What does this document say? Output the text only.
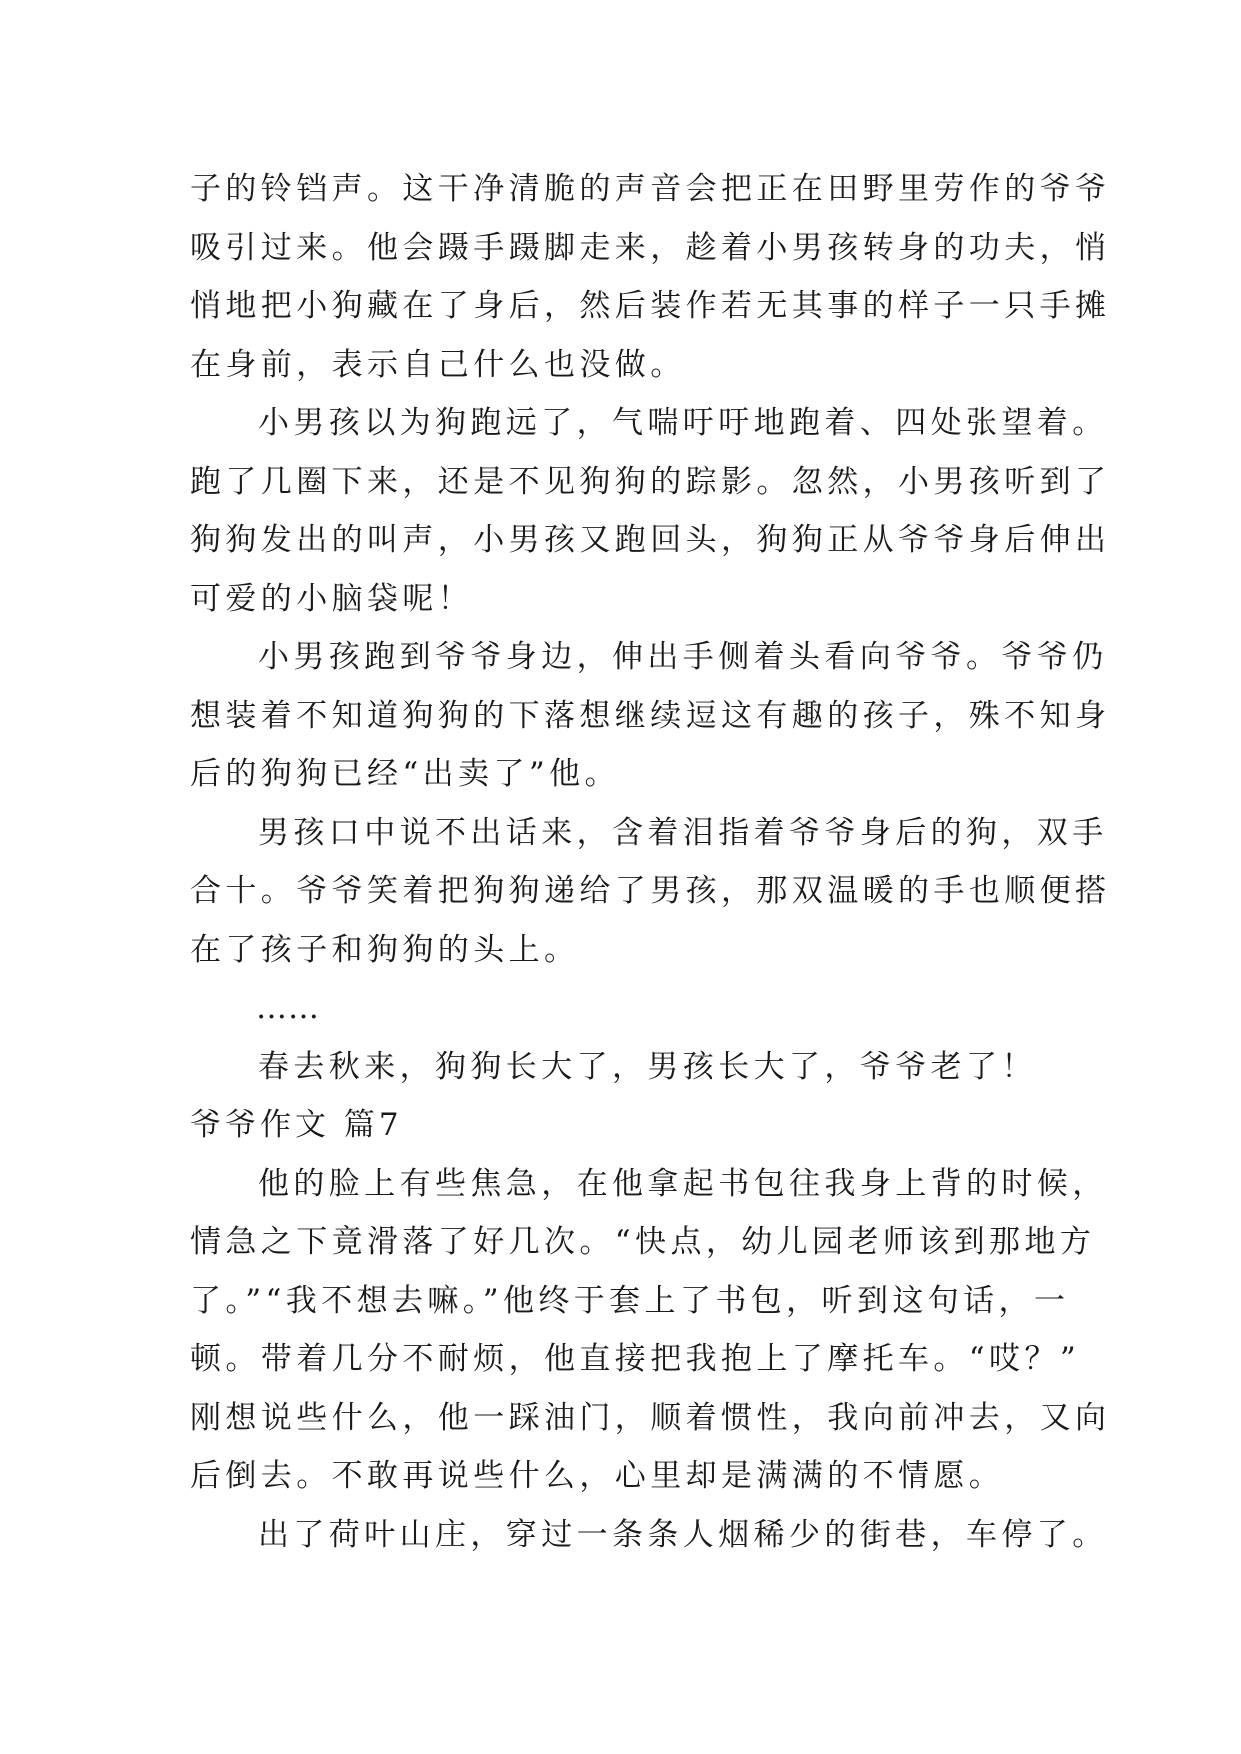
子的铃铛声。这干净清脆的声音会把正在田野里劳作的爷爷
吸引过来。他会蹑手蹑脚走来，趁着小男孩转身的功夫，悄
悄地把小狗藏在了身后，然后装作若无其事的样子一只手摊
在身前，表示自己什么也没做。
小男孩以为狗跑远了，气喘吁吁地跑着、四处张望着。
跑了几圈下来，还是不见狗狗的踪影。忽然，小男孩听到了
狗狗发出的叫声，小男孩又跑回头，狗狗正从爷爷身后伸出
可爱的小脑袋呢！
小男孩跑到爷爷身边，伸出手侧着头看向爷爷。爷爷仍
想装着不知道狗狗的下落想继续逗这有趣的孩子，殊不知身
后的狗狗已经“出卖了”他。
男孩口中说不出话来，含着泪指着爷爷身后的狗，双手
合十。爷爷笑着把狗狗递给了男孩，那双温暖的手也顺便搭
在了孩子和狗狗的头上。
……
春去秋来，狗狗长大了，男孩长大了，爷爷老了！
爷爷作文 篇7
他的脸上有些焦急，在他拿起书包往我身上背的时候，
情急之下竟滑落了好几次。“快点，幼儿园老师该到那地方
了。”“我不想去嘛。”他终于套上了书包，听到这句话，一
顿。带着几分不耐烦，他直接把我抱上了摩托车。“哎？”
刚想说些什么，他一踩油门，顺着惯性，我向前冲去，又向
后倒去。不敢再说些什么，心里却是满满的不情愿。
出了荷叶山庄，穿过一条条人烟稀少的街巷，车停了。
